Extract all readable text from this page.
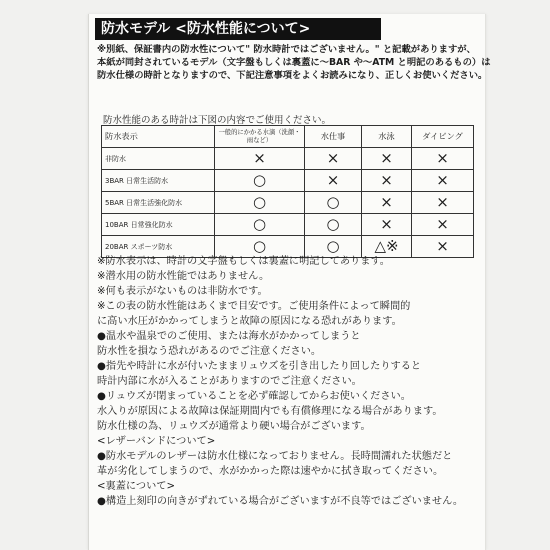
防水モデル <防水性能について>
※別紙、保証書内の防水性について" 防水時計ではございません。" と記載がありますが、
本紙が同封されているモデル（文字盤もしくは裏蓋に～BAR や～ATM と明記のあるもの）は
防水仕様の時計となりますので、下記注意事項をよくお読みになり、正しくお使いください。
防水性能のある時計は下図の内容でご使用ください。
防水表示	一般的にかかる水滴（洗顔・雨など）	水仕事	水泳	ダイビング
非防水	×	×	×	×
3BAR 日常生活防水	○	×	×	×
5BAR 日常生活強化防水	○	○	×	×
10BAR 日常強化防水	○	○	×	×
20BAR スポーツ防水	○	○	△※	×
※防水表示は、時計の文字盤もしくは裏蓋に明記してあります。
※潜水用の防水性能ではありません。
※何も表示がないものは非防水です。
※この表の防水性能はあくまで目安です。ご使用条件によって瞬間的
に高い水圧がかかってしまうと故障の原因になる恐れがあります。
●温水や温泉でのご使用、または海水がかかってしまうと
防水性を損なう恐れがあるのでご注意ください。
●指先や時計に水が付いたままリュウズを引き出したり回したりすると
時計内部に水が入ることがありますのでご注意ください。
●リュウズが閉まっていることを必ず確認してからお使いください。
水入りが原因による故障は保証期間内でも有償修理になる場合があります。
防水仕様の為、リュウズが通常より硬い場合がございます。
<レザーバンドについて>
●防水モデルのレザーは防水仕様になっておりません。長時間濡れた状態だと
革が劣化してしまうので、水がかかった際は速やかに拭き取ってください。
<裏蓋について>
●構造上刻印の向きがずれている場合がございますが不良等ではございません。
